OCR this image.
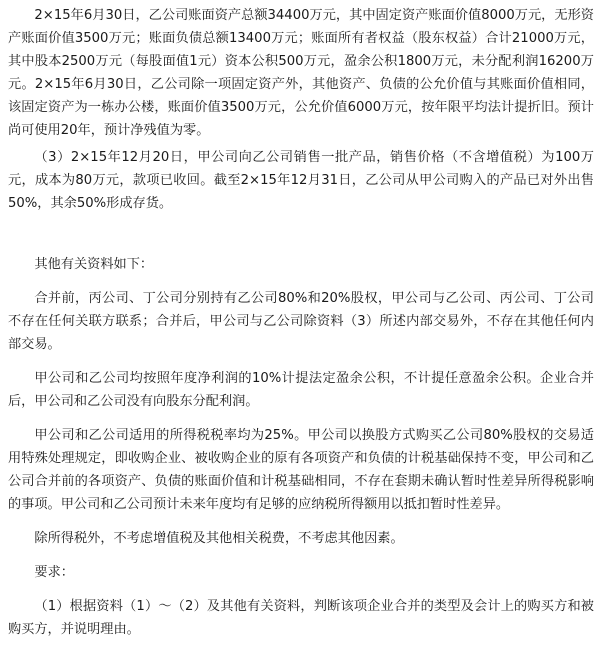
2×15年6月30日，乙公司账面资产总额34400万元，其中固定资产账面价值8000万元，无形资产账面价值3500万元；账面负债总额13400万元；账面所有者权益（股东权益）合计21000万元，其中股本2500万元（每股面值1元）资本公积500万元，盈余公积1800万元，未分配利润16200万元。2×15年6月30日，乙公司除一项固定资产外，其他资产、负债的公允价值与其账面价值相同，该固定资产为一栋办公楼，账面价值3500万元，公允价值6000万元，按年限平均法计提折旧。预计尚可使用20年，预计净残值为零。

（3）2×15年12月20日，甲公司向乙公司销售一批产品，销售价格（不含增值税）为100万元，成本为80万元，款项已收回。截至2×15年12月31日，乙公司从甲公司购入的产品已对外出售50%，其余50%形成存货。

其他有关资料如下：

合并前，丙公司、丁公司分别持有乙公司80%和20%股权，甲公司与乙公司、丙公司、丁公司不存在任何关联方联系；合并后，甲公司与乙公司除资料（3）所述内部交易外，不存在其他任何内部交易。

甲公司和乙公司均按照年度净利润的10%计提法定盈余公积，不计提任意盈余公积。企业合并后，甲公司和乙公司没有向股东分配利润。

甲公司和乙公司适用的所得税税率均为25%。甲公司以换股方式购买乙公司80%股权的交易适用特殊处理规定，即收购企业、被收购企业的原有各项资产和负债的计税基础保持不变，甲公司和乙公司合并前的各项资产、负债的账面价值和计税基础相同，不存在套期未确认暂时性差异所得税影响的事项。甲公司和乙公司预计未来年度均有足够的应纳税所得额用以抵扣暂时性差异。

除所得税外，不考虑增值税及其他相关税费，不考虑其他因素。

要求：

（1）根据资料（1）～（2）及其他有关资料，判断该项企业合并的类型及会计上的购买方和被购买方，并说明理由。
